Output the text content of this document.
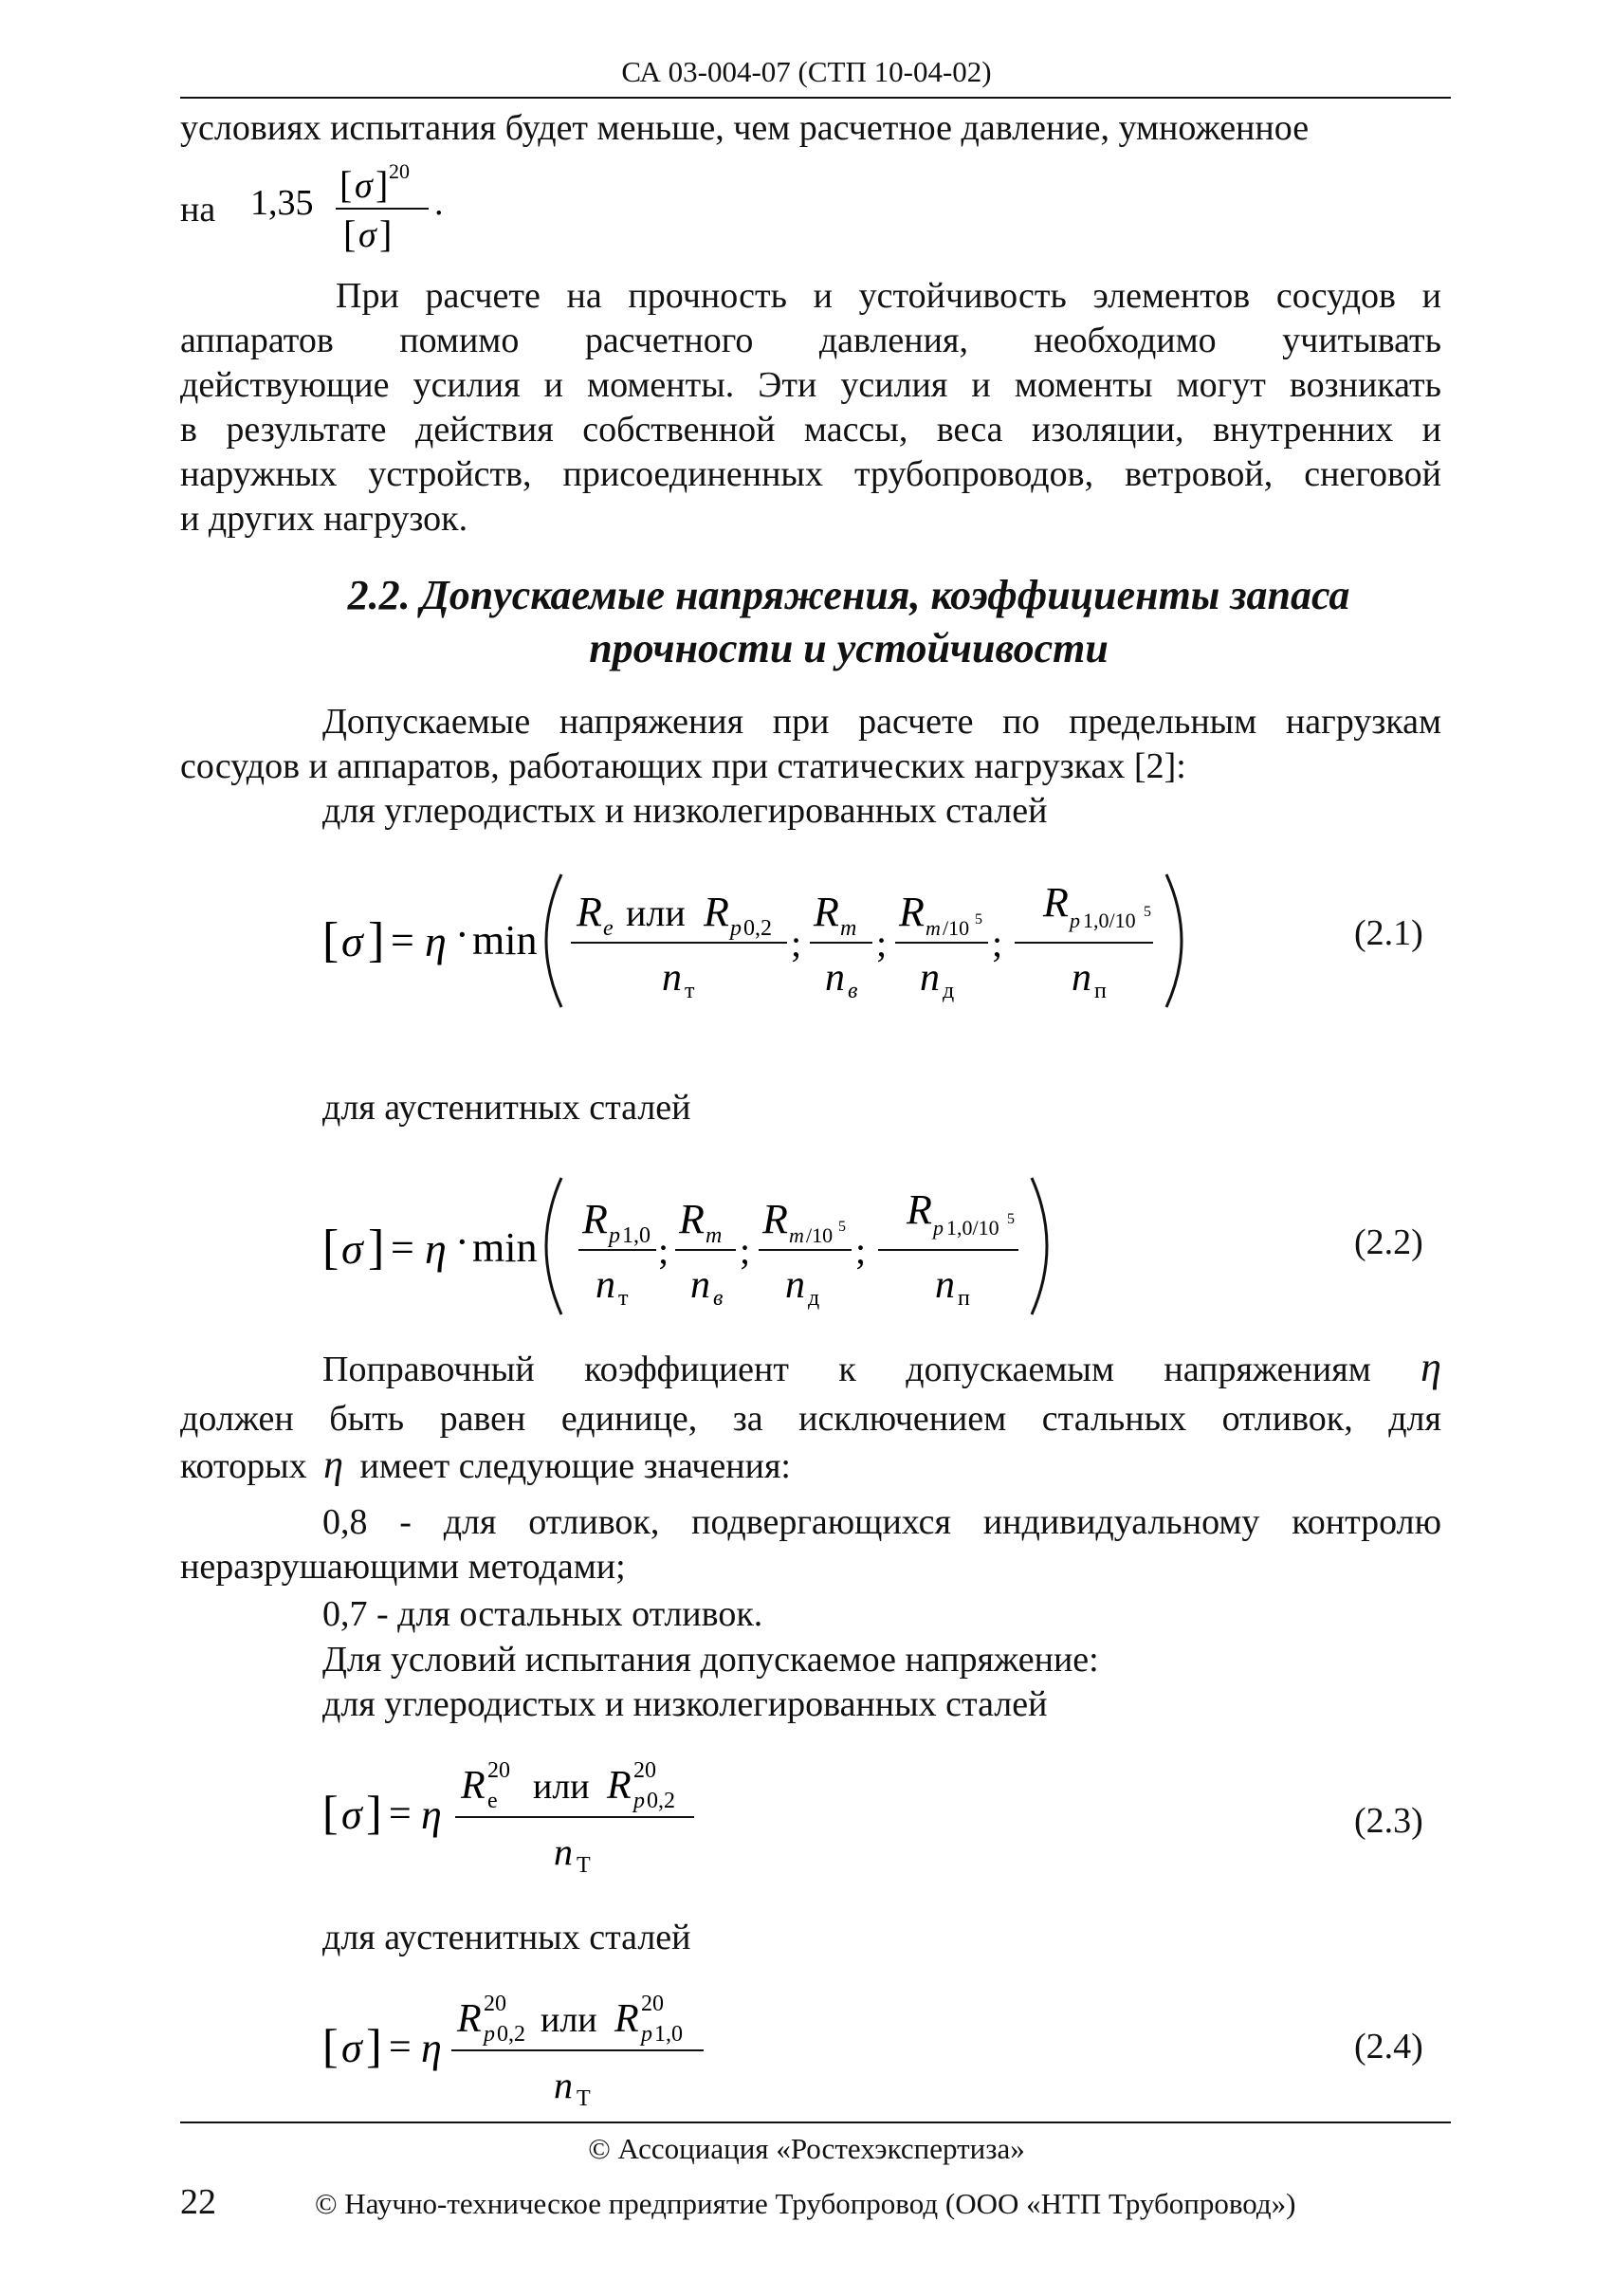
СА 03-004-07 (СТП 10-04-02)
условиях испытания будет меньше, чем расчетное давление, умноженное
на 1,35 [ σ ] 20
[ σ ]
.
При расчете на прочность и устойчивость элементов сосудов и
аппаратов помимо расчетного давления, необходимо учитывать
действующие усилия и моменты. Эти усилия и моменты могут возникать
в результате действия собственной массы, веса изоляции, внутренних и
наружных устройств, присоединенных трубопроводов, ветровой, снеговой
и других нагрузок.
2.2. Допускаемые напряжения, коэффициенты запаса
прочности и устойчивости
Допускаемые напряжения при расчете по предельным нагрузкам
сосудов и аппаратов, работающих при статических нагрузках [2]:
для углеродистых и низколегированных сталей
[ σ ] = η · min
R e или R p 0,2
n т
;
R m
n в
;
R m /10 5
n д
;
R p 1,0/10 5
n п
(2.1)
для аустенитных сталей
[ σ ] = η · min
R p 1,0
n т
;
R m
n в
;
R m /10 5
n д
;
R p 1,0/10 5
n п
(2.2)
Поправочный коэффициент к допускаемым напряжениям η
должен быть равен единице, за исключением стальных отливок, для
которых η имеет следующие значения:
0,8 - для отливок, подвергающихся индивидуальному контролю
неразрушающими методами;
0,7 - для остальных отливок.
Для условий испытания допускаемое напряжение:
для углеродистых и низколегированных сталей
[ σ ] = η
R 20
e или R 20
p 0,2
n Т
(2.3)
для аустенитных сталей
[ σ ] = η
R 20
p 0,2 или R 20
p 1,0
n Т
(2.4)
© Ассоциация «Ростехэкспертиза»
22	© Научно-техническое предприятие Трубопровод (ООО «НТП Трубопровод»)
